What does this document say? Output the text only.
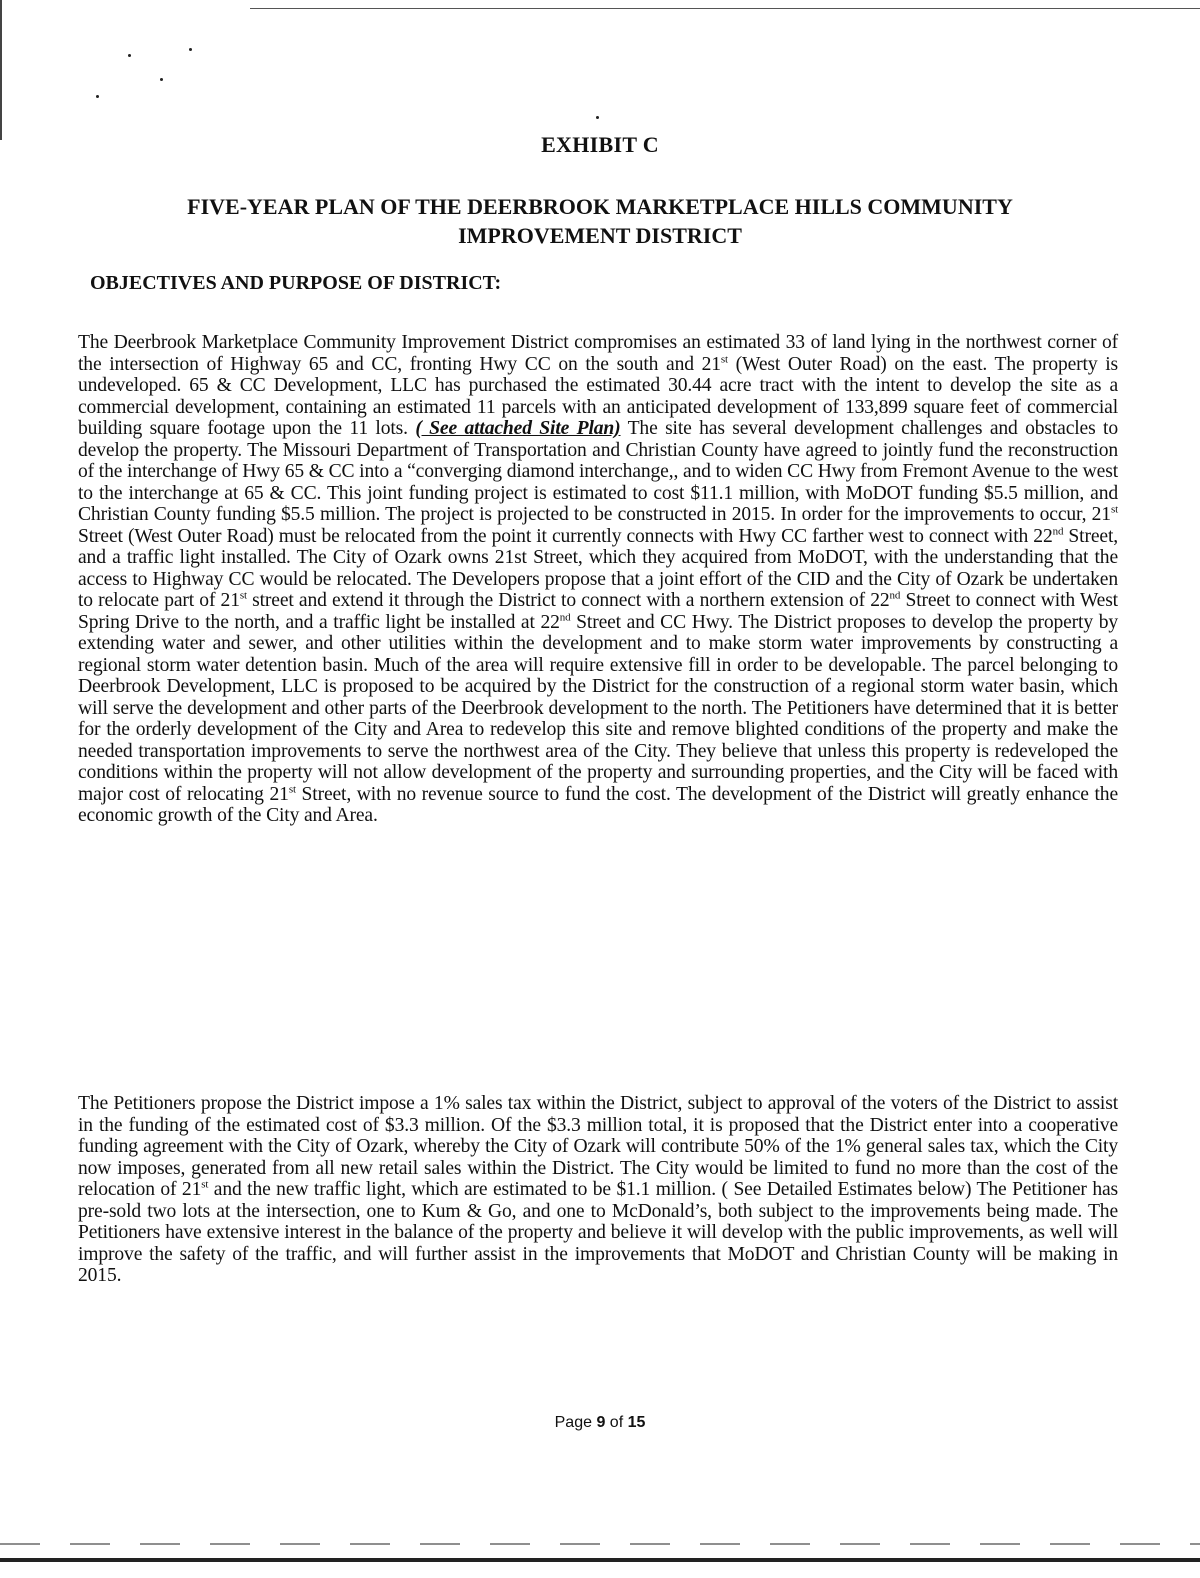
EXHIBIT C
FIVE-YEAR PLAN OF THE DEERBROOK MARKETPLACE HILLS COMMUNITY
IMPROVEMENT DISTRICT
OBJECTIVES AND PURPOSE OF DISTRICT:

The Deerbrook Marketplace Community Improvement District compromises an estimated 33 of land lying in the northwest corner of the intersection of Highway 65 and CC, fronting Hwy CC on the south and 21st (West Outer Road) on the east. The property is undeveloped. 65 & CC Development, LLC has purchased the estimated 30.44 acre tract with the intent to develop the site as a commercial development, containing an estimated 11 parcels with an anticipated development of 133,899 square feet of commercial building square footage upon the 11 lots. ( See attached Site Plan) The site has several development challenges and obstacles to develop the property. The Missouri Department of Transportation and Christian County have agreed to jointly fund the reconstruction of the interchange of Hwy 65 & CC into a “converging diamond interchange,, and to widen CC Hwy from Fremont Avenue to the west to the interchange at 65 & CC. This joint funding project is estimated to cost $11.1 million, with MoDOT funding $5.5 million, and Christian County funding $5.5 million. The project is projected to be constructed in 2015. In order for the improvements to occur, 21st Street (West Outer Road) must be relocated from the point it currently connects with Hwy CC farther west to connect with 22nd Street, and a traffic light installed. The City of Ozark owns 21st Street, which they acquired from MoDOT, with the understanding that the access to Highway CC would be relocated. The Developers propose that a joint effort of the CID and the City of Ozark be undertaken to relocate part of 21st street and extend it through the District to connect with a northern extension of 22nd Street to connect with West Spring Drive to the north, and a traffic light be installed at 22nd Street and CC Hwy. The District proposes to develop the property by extending water and sewer, and other utilities within the development and to make storm water improvements by constructing a regional storm water detention basin. Much of the area will require extensive fill in order to be developable. The parcel belonging to Deerbrook Development, LLC is proposed to be acquired by the District for the construction of a regional storm water basin, which will serve the development and other parts of the Deerbrook development to the north. The Petitioners have determined that it is better for the orderly development of the City and Area to redevelop this site and remove blighted conditions of the property and make the needed transportation improvements to serve the northwest area of the City. They believe that unless this property is redeveloped the conditions within the property will not allow development of the property and surrounding properties, and the City will be faced with major cost of relocating 21st Street, with no revenue source to fund the cost. The development of the District will greatly enhance the economic growth of the City and Area.

The Petitioners propose the District impose a 1% sales tax within the District, subject to approval of the voters of the District to assist in the funding of the estimated cost of $3.3 million. Of the $3.3 million total, it is proposed that the District enter into a cooperative funding agreement with the City of Ozark, whereby the City of Ozark will contribute 50% of the 1% general sales tax, which the City now imposes, generated from all new retail sales within the District. The City would be limited to fund no more than the cost of the relocation of 21st and the new traffic light, which are estimated to be $1.1 million. ( See Detailed Estimates below) The Petitioner has pre-sold two lots at the intersection, one to Kum & Go, and one to McDonald’s, both subject to the improvements being made. The Petitioners have extensive interest in the balance of the property and believe it will develop with the public improvements, as well will improve the safety of the traffic, and will further assist in the improvements that MoDOT and Christian County will be making in 2015.

Page 9 of 15
